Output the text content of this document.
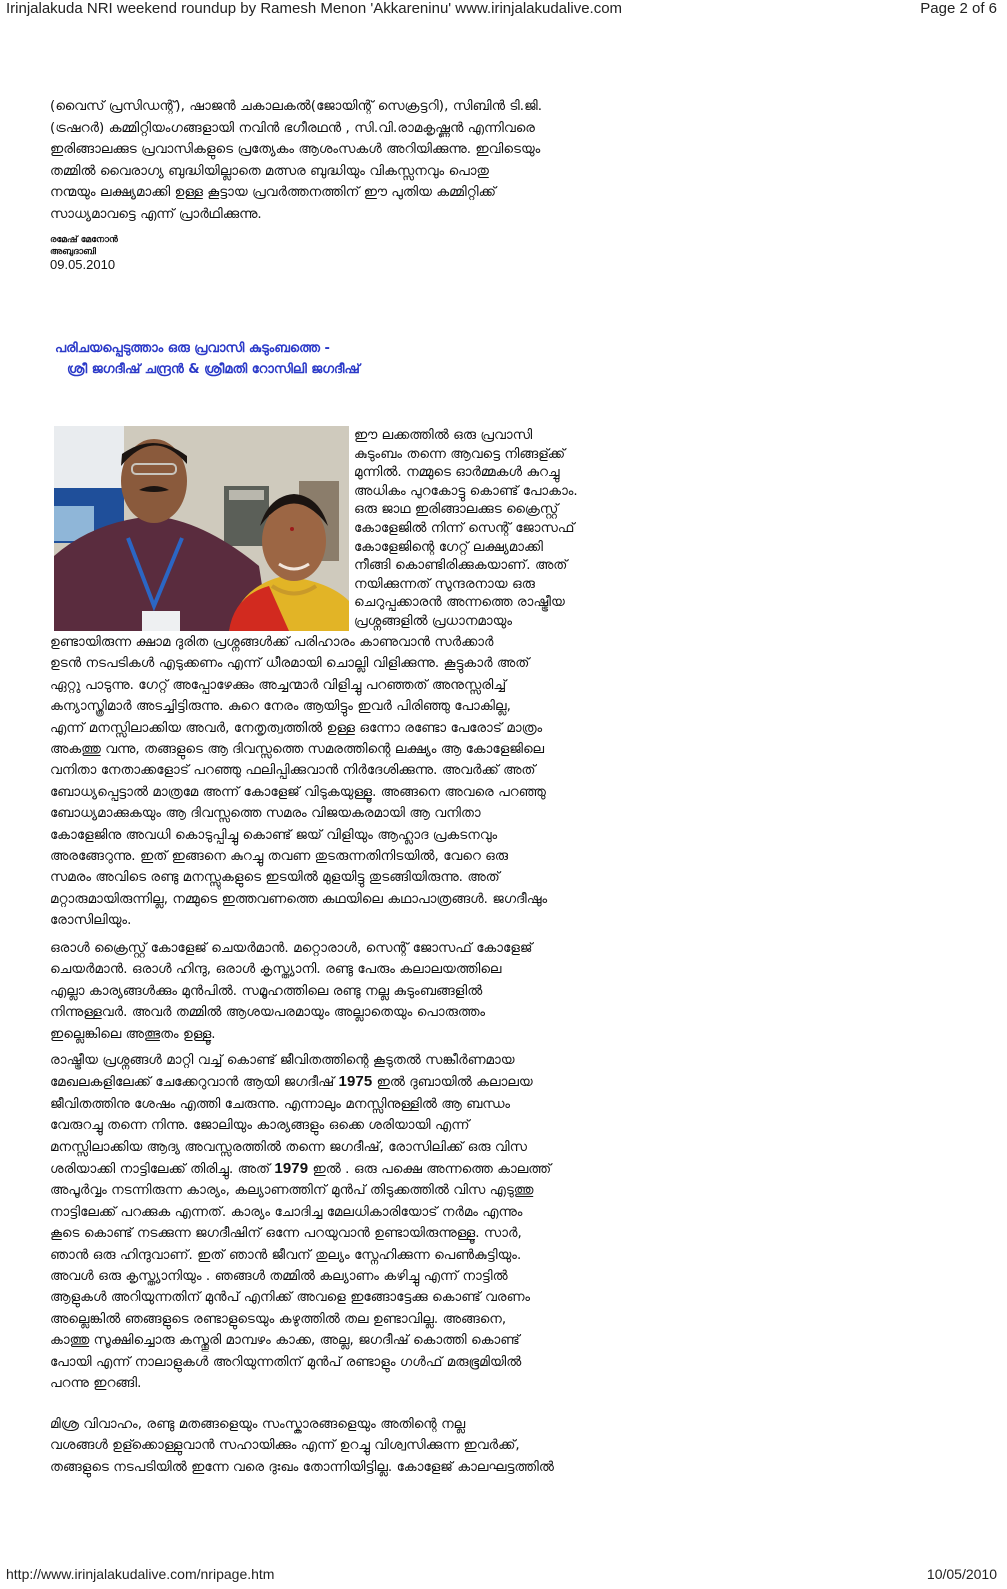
Irinjalakuda NRI weekend roundup by Ramesh Menon 'Akkareninu' www.irinjalakudalive.com	Page 2 of 6
(വൈസ് പ്രസിഡന്റ്), ഷാജൻ ചകാലകൽ(ജോയിന്റ് സെക്രട്ടറി), സിബിൻ ടി.ജി.
(ട്രഷറർ) കമ്മിറ്റിയംഗങ്ങളായി നവിൻ ഭഗീരഥൻ , സി.വി.രാമകൃഷ്ണൻ എന്നിവരെ
ഇരിങ്ങാലക്കുട പ്രവാസികളുടെ പ്രത്യേകം ആശംസകൾ അറിയിക്കുന്നു. ഇവിടെയും
തമ്മിൽ വൈരാഗ്യ ബുദ്ധിയില്ലാതെ മത്സര ബുദ്ധിയും വികസ്സനവും പൊതു
നന്മയും ലക്ഷ്യമാക്കി ഉള്ള കൂട്ടായ പ്രവർത്തനത്തിന് ഈ പുതിയ കമ്മിറ്റിക്ക്
സാധ്യമാവട്ടെ എന്ന് പ്രാർഥിക്കുന്നു.
രമേഷ് മേനോൻ
അബുദാബി
09.05.2010
പരിചയപ്പെടുത്താം ഒരു പ്രവാസി കുടുംബത്തെ -
ശ്രീ ജഗദീഷ് ചന്ദ്രൻ & ശ്രീമതി റോസിലി ജഗദീഷ്
ഈ ലക്കത്തിൽ ഒരു പ്രവാസി
കുടുംബം തന്നെ ആവട്ടെ നിങ്ങള്ക്ക്
മുന്നിൽ. നമ്മുടെ ഓർമ്മകൾ കുറച്ചു
അധികം പുറകോട്ടു കൊണ്ട് പോകാം.
ഒരു ജാഥ ഇരിങ്ങാലക്കുട ക്രൈസ്റ്റ്
കോളേജിൽ നിന്ന് സെന്റ് ജോസഫ്
കോളേജിന്റെ ഗേറ്റ് ലക്ഷ്യമാക്കി
നീങ്ങി കൊണ്ടിരിക്കുകയാണ്. അത്
നയിക്കുന്നത് സുന്ദരനായ ഒരു
ചെറുപ്പക്കാരൻ അന്നത്തെ രാഷ്ട്രീയ
പ്രശ്നങ്ങളിൽ പ്രധാനമായും
ഉണ്ടായിരുന്ന ക്ഷാമ ദുരിത പ്രശ്നങ്ങൾക്ക് പരിഹാരം കാണുവാൻ സർക്കാർ
ഉടൻ നടപടികൾ എടുക്കണം എന്ന് ധീരമായി ചൊല്ലി വിളിക്കുന്നു. കൂട്ടുകാർ അത്
ഏറ്റു പാടുന്നു. ഗേറ്റ് അപ്പോഴേക്കും അച്ചന്മാർ വിളിച്ചു പറഞ്ഞത് അനുസ്സരിച്ച്
കന്യാസ്ത്രിമാർ അടച്ചിട്ടിരുന്നു. കുറെ നേരം ആയിട്ടും ഇവർ പിരിഞ്ഞു പോകില്ല,
എന്ന് മനസ്സിലാക്കിയ അവർ, നേതൃത്വത്തിൽ ഉള്ള ഒന്നോ രണ്ടോ പേരോട് മാത്രം
അകത്തു വന്നു, തങ്ങളുടെ ആ ദിവസ്സത്തെ സമരത്തിന്റെ ലക്ഷ്യം ആ കോളേജിലെ
വനിതാ നേതാക്കളോട് പറഞ്ഞു ഫലിപ്പിക്കുവാൻ നിർദേശിക്കുന്നു. അവർക്ക് അത്
ബോധ്യപ്പെട്ടാൽ മാത്രമേ അന്ന് കോളേജ് വിടുകയുള്ളൂ. അങ്ങനെ അവരെ പറഞ്ഞു
ബോധ്യമാക്കുകയും ആ ദിവസ്സത്തെ സമരം വിജയകരമായി ആ വനിതാ
കോളേജിനു അവധി കൊടുപ്പിച്ചു കൊണ്ട് ജയ് വിളിയും ആഹ്ലാദ പ്രകടനവും
അരങ്ങേറുന്നു. ഇത് ഇങ്ങനെ കുറച്ചു തവണ തുടരുന്നതിനിടയിൽ, വേറെ ഒരു
സമരം അവിടെ രണ്ടു മനസ്സുകളുടെ ഇടയിൽ മുളയിട്ടു തുടങ്ങിയിരുന്നു. അത്
മറ്റാരുമായിരുന്നില്ല, നമ്മുടെ ഇത്തവണത്തെ കഥയിലെ കഥാപാത്രങ്ങൾ. ജഗദീഷും
രോസിലിയും.
ഒരാൾ ക്രൈസ്റ്റ് കോളേജ് ചെയർമാൻ. മറ്റൊരാൾ, സെന്റ് ജോസഫ് കോളേജ്
ചെയർമാൻ. ഒരാൾ ഹിന്ദു, ഒരാൾ കൃസ്ത്യാനി. രണ്ടു പേരും കലാലയത്തിലെ
എല്ലാ കാര്യങ്ങൾക്കും മുൻപിൽ. സമൂഹത്തിലെ രണ്ടു നല്ല കുടുംബങ്ങളിൽ
നിന്നുള്ളവർ. അവർ തമ്മിൽ ആശയപരമായും അല്ലാതെയും പൊരുത്തം
ഇല്ലെങ്കിലെ അത്ഭുതം ഉള്ളൂ.
രാഷ്ട്രീയ പ്രശ്നങ്ങൾ മാറ്റി വച്ച് കൊണ്ട് ജീവിതത്തിന്റെ കൂടുതൽ സങ്കീർണമായ
മേഖലകളിലേക്ക് ചേക്കേറുവാൻ ആയി ജഗദീഷ് 1975 ഇൽ ദുബായിൽ കലാലയ
ജീവിതത്തിനു ശേഷം എത്തി ചേരുന്നു. എന്നാലും മനസ്സിനുള്ളിൽ ആ ബന്ധം
വേരുറച്ചു തന്നെ നിന്നു. ജോലിയും കാര്യങ്ങളും ഒക്കെ ശരിയായി എന്ന്
മനസ്സിലാക്കിയ ആദ്യ അവസ്സരത്തിൽ തന്നെ ജഗദീഷ്, രോസിലിക്ക് ഒരു വിസ
ശരിയാക്കി നാട്ടിലേക്ക് തിരിച്ചു. അത് 1979 ഇൽ . ഒരു പക്ഷെ അന്നത്തെ കാലത്ത്
അപൂർവ്വം നടന്നിരുന്ന കാര്യം, കല്യാണത്തിന് മുൻപ് തിടുക്കത്തിൽ വിസ എടുത്തു
നാട്ടിലേക്ക് പറക്കുക എന്നത്. കാര്യം ചോദിച്ച മേലധികാരിയോട് നർമം എന്നും
കൂടെ കൊണ്ട് നടക്കുന്ന ജഗദീഷിന് ഒന്നേ പറയുവാൻ ഉണ്ടായിരുന്നുള്ളൂ. സാർ,
ഞാൻ ഒരു ഹിന്ദുവാണ്. ഇത് ഞാൻ ജീവന് തുല്യം സ്നേഹിക്കുന്ന പെൺകുട്ടിയും.
അവൾ ഒരു കൃസ്ത്യാനിയും . ഞങ്ങൾ തമ്മിൽ കല്യാണം കഴിച്ചു എന്ന് നാട്ടിൽ
ആളുകൾ അറിയുന്നതിന് മുൻപ് എനിക്ക് അവളെ ഇങ്ങോട്ടേക്കു കൊണ്ട് വരണം
അല്ലെങ്കിൽ ഞങ്ങളുടെ രണ്ടാളുടെയും കഴുത്തിൽ തല ഉണ്ടാവില്ല. അങ്ങനെ,
കാത്തു സൂക്ഷിച്ചൊരു കസ്തൂരി മാമ്പഴം കാക്ക, അല്ല, ജഗദീഷ് കൊത്തി കൊണ്ട്
പോയി എന്ന് നാലാളുകൾ അറിയുന്നതിന് മുൻപ് രണ്ടാളും ഗൾഫ് മരുഭൂമിയിൽ
പറന്നു ഇറങ്ങി.
മിശ്ര വിവാഹം, രണ്ടു മതങ്ങളെയും സംസ്കാരങ്ങളെയും അതിന്റെ നല്ല
വശങ്ങൾ ഉള്ക്കൊള്ളുവാൻ സഹായിക്കും എന്ന് ഉറച്ചു വിശ്വസിക്കുന്ന ഇവർക്ക്,
തങ്ങളുടെ നടപടിയിൽ ഇന്നേ വരെ ദുഃഖം തോന്നിയിട്ടില്ല. കോളേജ് കാലഘട്ടത്തിൽ
http://www.irinjalakudalive.com/nripage.htm	10/05/2010
